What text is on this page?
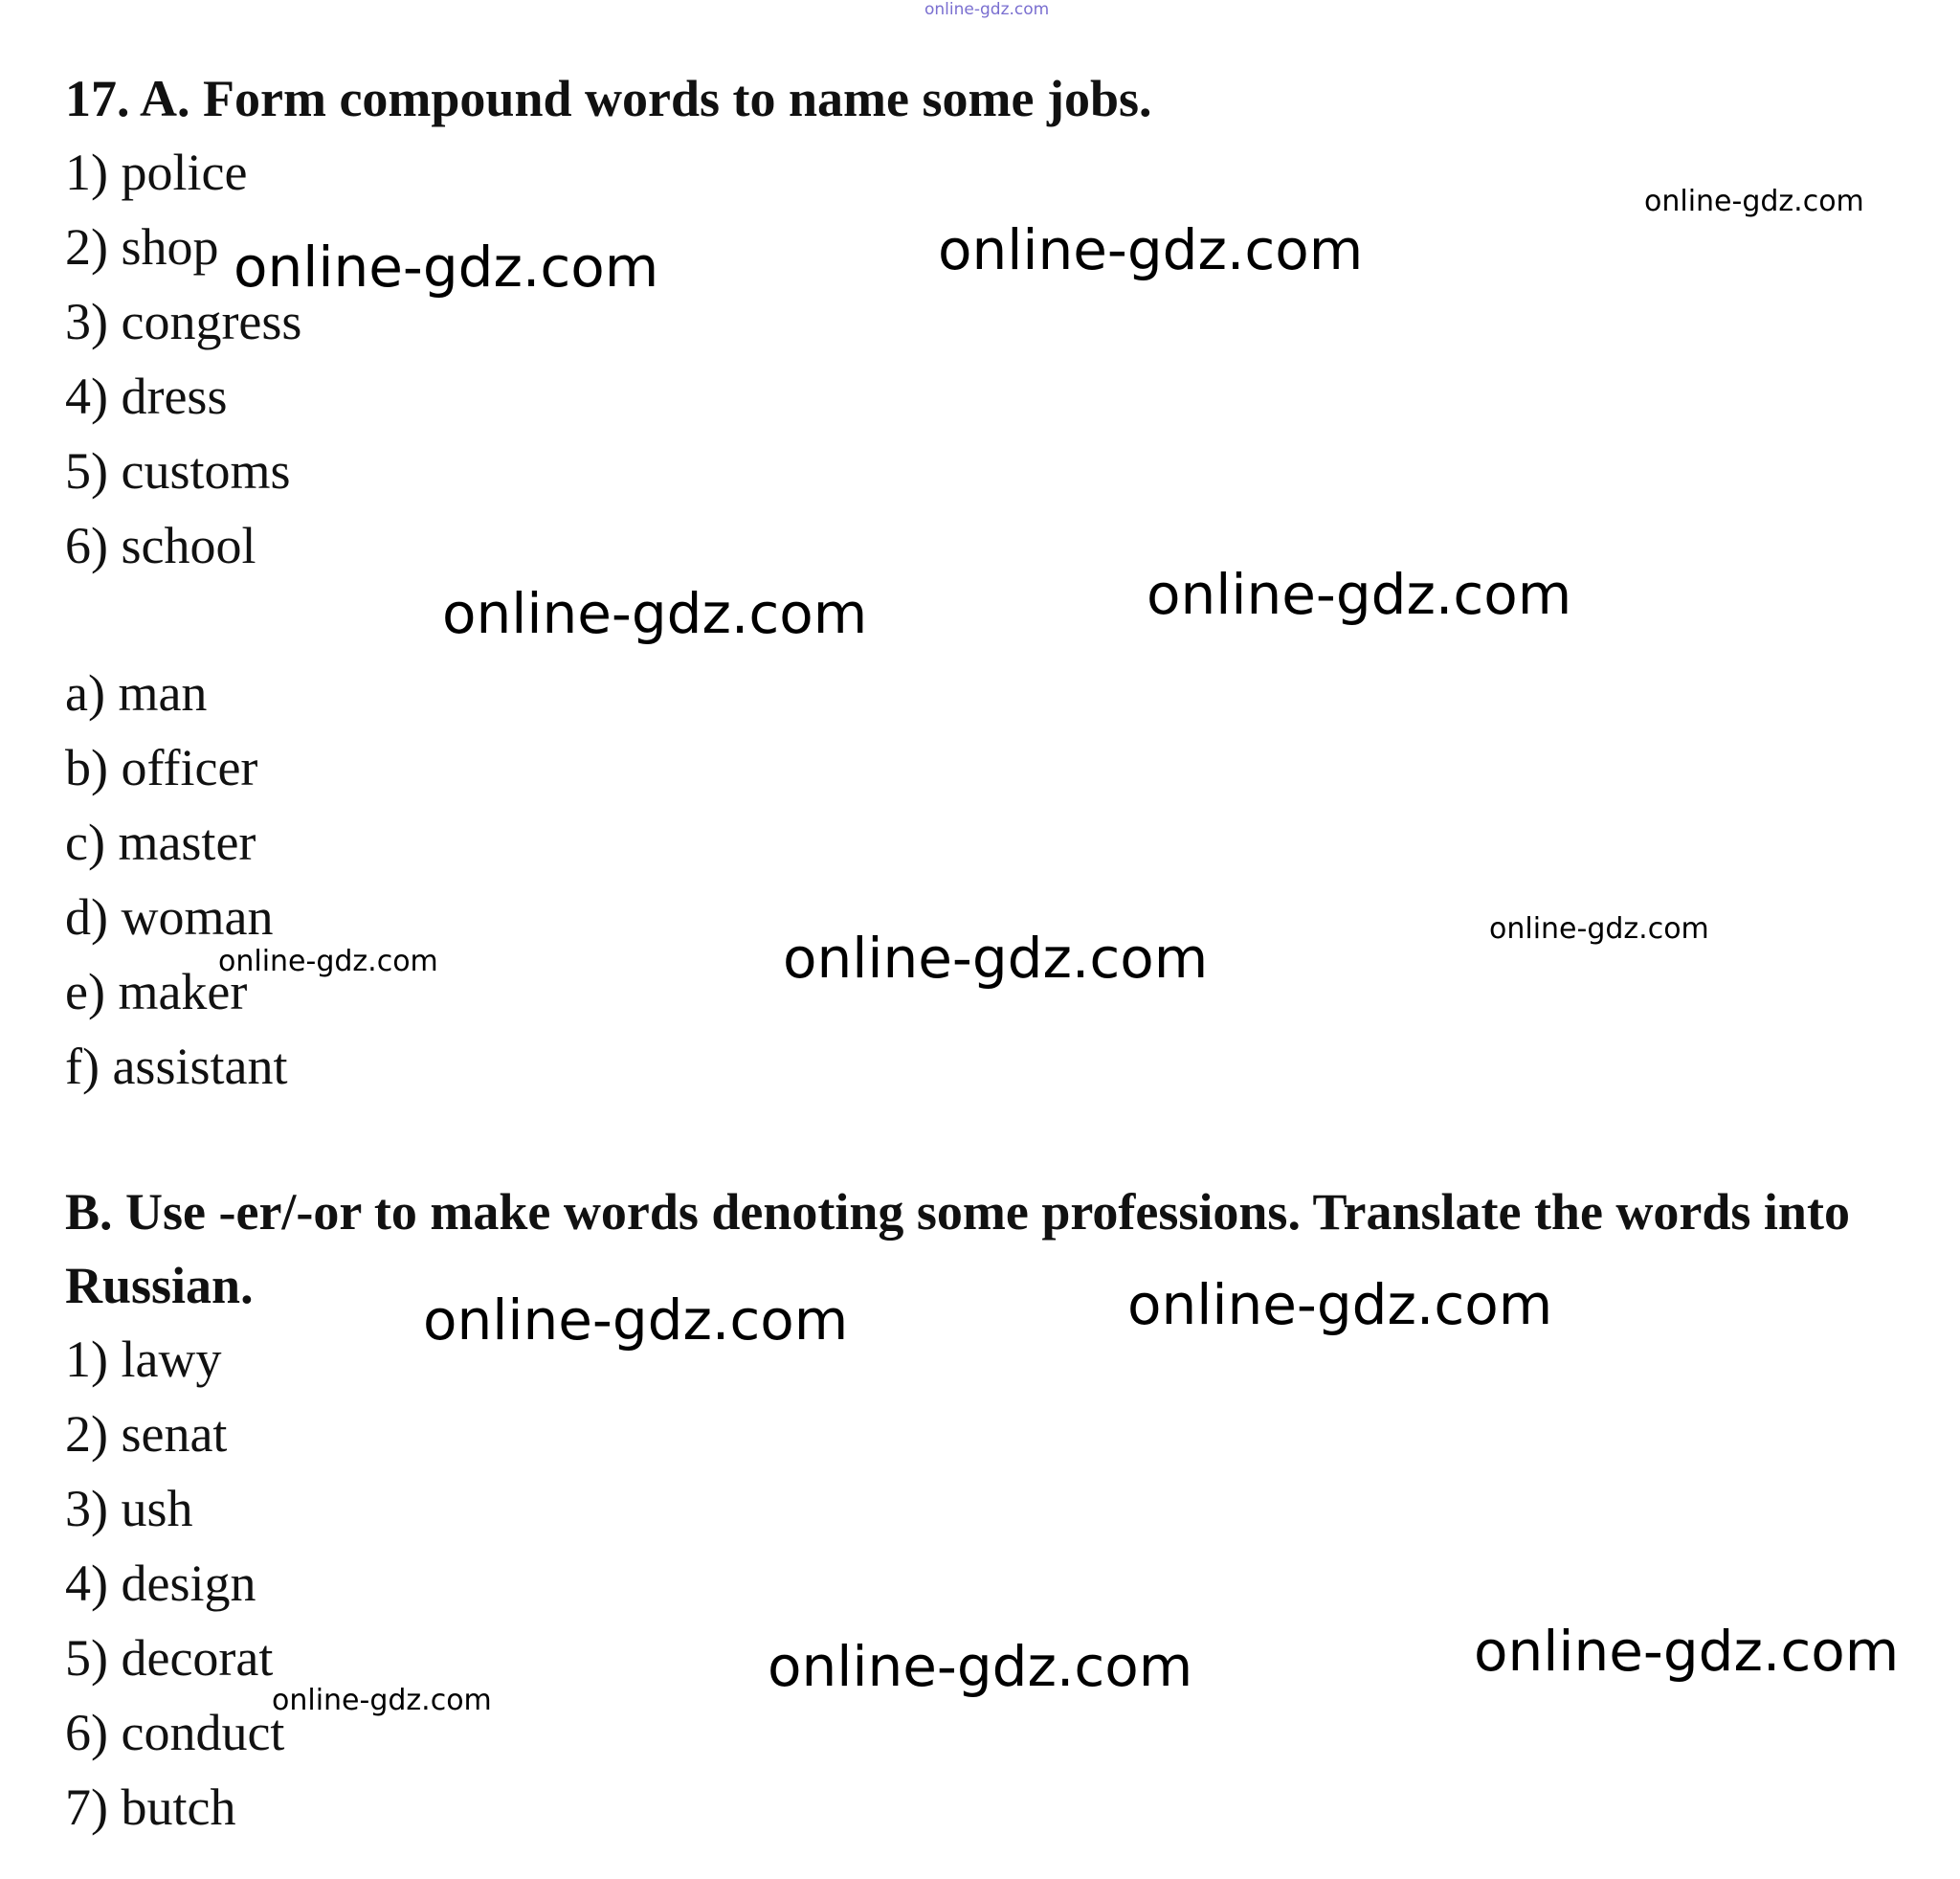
online-gdz.com
17. A. Form compound words to name some jobs.
1) police
2) shop
3) congress
4) dress
5) customs
6) school
a) man
b) officer
c) master
d) woman
e) maker
f) assistant
B. Use -er/-or to make words denoting some professions. Translate the words into Russian.
1) lawy
2) senat
3) ush
4) design
5) decorat
6) conduct
7) butch
online-gdz.com
online-gdz.com	online-gdz.com
online-gdz.com	online-gdz.com
online-gdz.com
online-gdz.com
online-gdz.com
online-gdz.com	online-gdz.com
online-gdz.com
online-gdz.com
online-gdz.com
